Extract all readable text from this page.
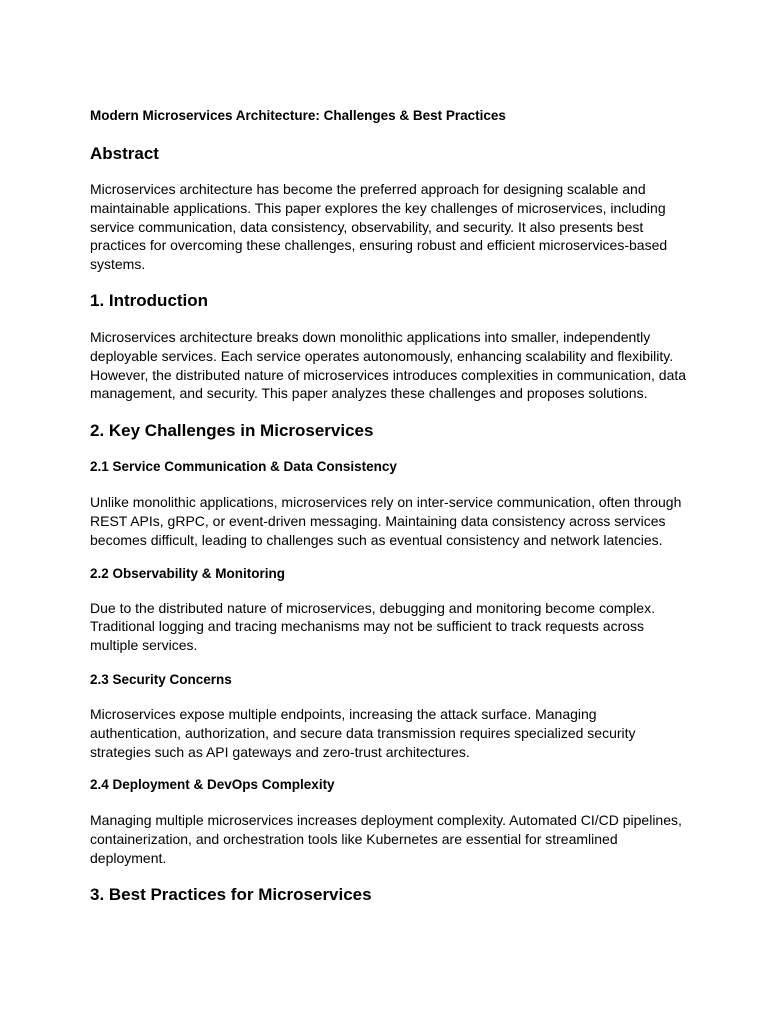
Modern Microservices Architecture: Challenges & Best Practices
Abstract

Microservices architecture has become the preferred approach for designing scalable and maintainable applications. This paper explores the key challenges of microservices, including service communication, data consistency, observability, and security. It also presents best practices for overcoming these challenges, ensuring robust and efficient microservices-based systems.

1. Introduction

Microservices architecture breaks down monolithic applications into smaller, independently deployable services. Each service operates autonomously, enhancing scalability and flexibility. However, the distributed nature of microservices introduces complexities in communication, data management, and security. This paper analyzes these challenges and proposes solutions.

2. Key Challenges in Microservices
2.1 Service Communication & Data Consistency

Unlike monolithic applications, microservices rely on inter-service communication, often through REST APIs, gRPC, or event-driven messaging. Maintaining data consistency across services becomes difficult, leading to challenges such as eventual consistency and network latencies.

2.2 Observability & Monitoring

Due to the distributed nature of microservices, debugging and monitoring become complex. Traditional logging and tracing mechanisms may not be sufficient to track requests across multiple services.

2.3 Security Concerns

Microservices expose multiple endpoints, increasing the attack surface. Managing authentication, authorization, and secure data transmission requires specialized security strategies such as API gateways and zero-trust architectures.

2.4 Deployment & DevOps Complexity

Managing multiple microservices increases deployment complexity. Automated CI/CD pipelines, containerization, and orchestration tools like Kubernetes are essential for streamlined deployment.

3. Best Practices for Microservices
